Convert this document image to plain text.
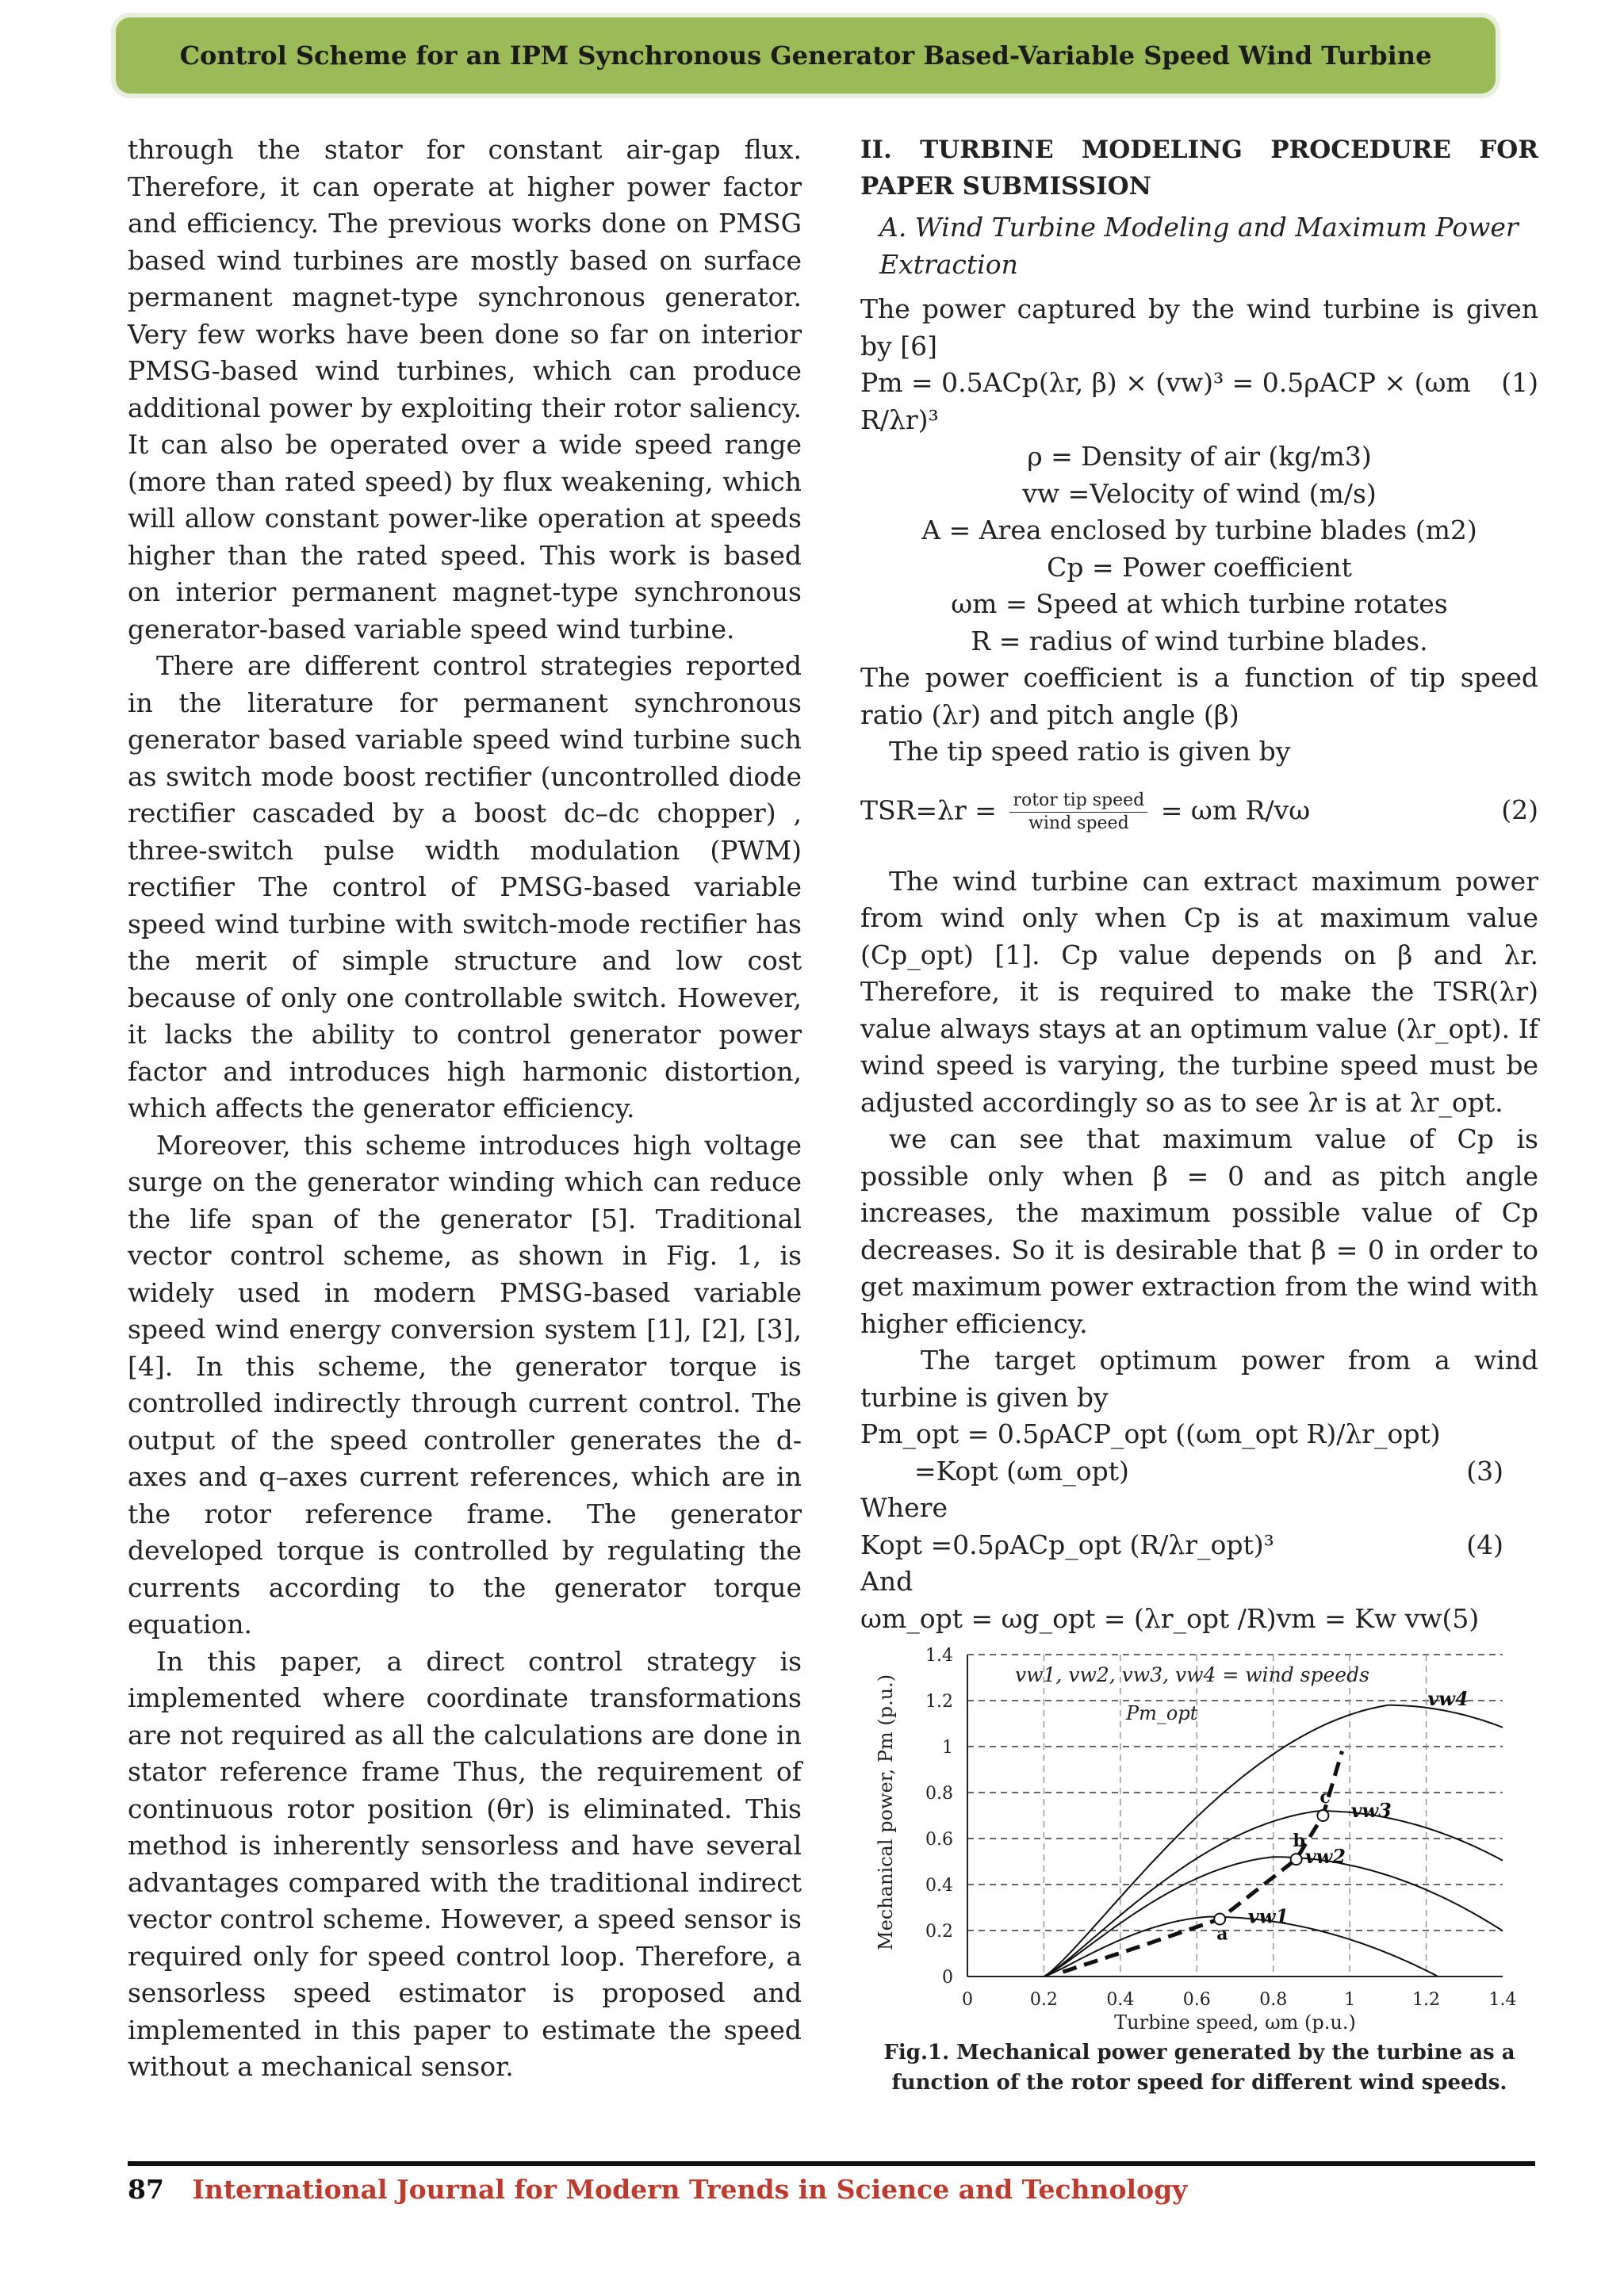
Control Scheme for an IPM Synchronous Generator Based-Variable Speed Wind Turbine

through the stator for constant air-gap flux. Therefore, it can operate at higher power factor and efficiency. The previous works done on PMSG based wind turbines are mostly based on surface permanent magnet-type synchronous generator. Very few works have been done so far on interior PMSG-based wind turbines, which can produce additional power by exploiting their rotor saliency. It can also be operated over a wide speed range (more than rated speed) by flux weakening, which will allow constant power-like operation at speeds higher than the rated speed. This work is based on interior permanent magnet-type synchronous generator-based variable speed wind turbine.

There are different control strategies reported in the literature for permanent synchronous generator based variable speed wind turbine such as switch mode boost rectifier (uncontrolled diode rectifier cascaded by a boost dc–dc chopper) , three-switch pulse width modulation (PWM) rectifier The control of PMSG-based variable speed wind turbine with switch-mode rectifier has the merit of simple structure and low cost because of only one controllable switch. However, it lacks the ability to control generator power factor and introduces high harmonic distortion, which affects the generator efficiency.

Moreover, this scheme introduces high voltage surge on the generator winding which can reduce the life span of the generator [5]. Traditional vector control scheme, as shown in Fig. 1, is widely used in modern PMSG-based variable speed wind energy conversion system [1], [2], [3], [4]. In this scheme, the generator torque is controlled indirectly through current control. The output of the speed controller generates the d-axes and q–axes current references, which are in the rotor reference frame. The generator developed torque is controlled by regulating the currents according to the generator torque equation.

In this paper, a direct control strategy is implemented where coordinate transformations are not required as all the calculations are done in stator reference frame Thus, the requirement of continuous rotor position (θr) is eliminated. This method is inherently sensorless and have several advantages compared with the traditional indirect vector control scheme. However, a speed sensor is required only for speed control loop. Therefore, a sensorless speed estimator is proposed and implemented in this paper to estimate the speed without a mechanical sensor.

II. TURBINE MODELING PROCEDURE FOR PAPER SUBMISSION

A. Wind Turbine Modeling and Maximum Power Extraction

The power captured by the wind turbine is given by [6]

Pm = 0.5ACp(λr, β) × (vw)³ = 0.5ρACP × (ωm R/λr)³
(1)

ρ = Density of air (kg/m3)

vw =Velocity of wind (m/s)

A = Area enclosed by turbine blades (m2)

Cp = Power coefficient

ωm = Speed at which turbine rotates

R = radius of wind turbine blades.

The power coefficient is a function of tip speed ratio (λr) and pitch angle (β)

The tip speed ratio is given by

$TSR=\lambda r = \frac{\text{rotor tip speed}}{\text{wind speed}} = \omega m$ R/vω	(2)

The wind turbine can extract maximum power from wind only when Cp is at maximum value (Cp_opt) [1]. Cp value depends on β and λr. Therefore, it is required to make the TSR(λr) value always stays at an optimum value (λr_opt). If wind speed is varying, the turbine speed must be adjusted accordingly so as to see λr is at λr_opt.

we can see that maximum value of Cp is possible only when β = 0 and as pitch angle increases, the maximum possible value of Cp decreases. So it is desirable that β = 0 in order to get maximum power extraction from the wind with higher efficiency.

The target optimum power from a wind turbine is given by

Pm_opt = 0.5ρACP_opt ((ωm_opt R)/λr_opt)

=Kopt (ωm_opt)	(3)

Where

Kopt =0.5ρACp_opt (R/λr_opt)³	(4)

And

ωm_opt = ωg_opt = (λr_opt /R)vm = Kw vw(5)

0
0.2
0.4
0.6
0.8
1
1.2
1.4
0	0.2	0.4	0.6	0.8	1	1.2	1.4
vw1
vw2
vw3
vw4
a
b
c
Mechanical power, Pm (p.u.)
Turbine speed, ωm (p.u.)
vw1, vw2, vw3, vw4 = wind speeds
Pm_opt
Fig.1. Mechanical power generated by the turbine as a function of the rotor speed for different wind speeds.
87 International Journal for Modern Trends in Science and Technology
